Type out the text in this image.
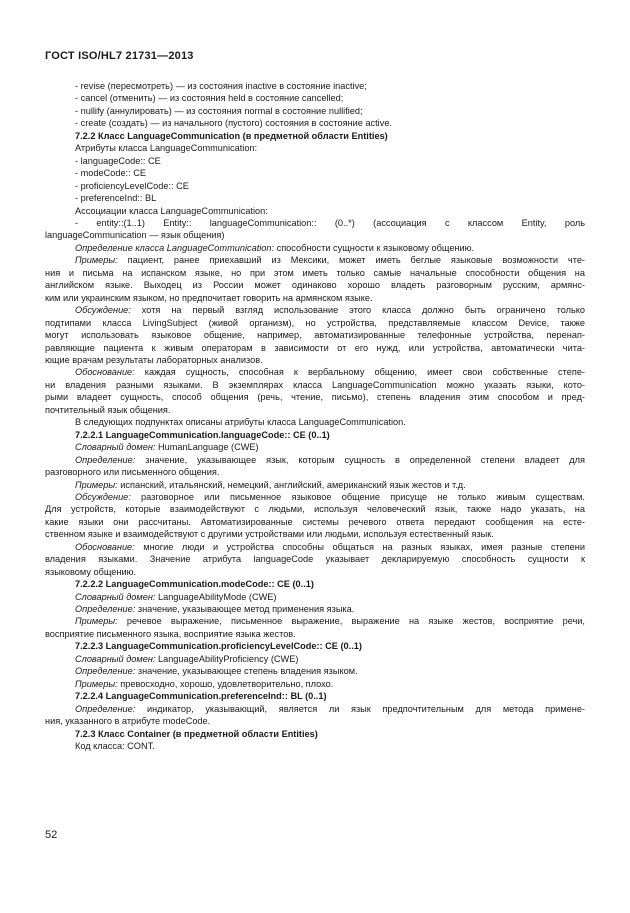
ГОСТ ISO/HL7 21731—2013

- revise (пересмотреть) — из состояния inactive в состояние inactive;

- cancel (отменить) — из состояния held в состояние cancelled;

- nullify (аннулировать) — из состояния normal в состояние nullified;

- create (создать) — из начального (пустого) состояния в состояние active.

7.2.2 Класс LanguageCommunication (в предметной области Entities)

Атрибуты класса LanguageCommunication:

- languageCode:: CE

- modeCode:: CE

- proficiencyLevelCode:: CE

- preferenceInd:: BL

Ассоциации класса LanguageCommunication:

- entity::(1..1) Entity:: languageCommunication:: (0..*) (ассоциация с классом Entity, роль

languageCommunication — язык общения)

Определение класса LanguageCommunication: способности сущности к языковому общению.

Примеры: пациент, ранее приехавший из Мексики, может иметь беглые языковые возможности чте-

ния и письма на испанском языке, но при этом иметь только самые начальные способности общения на

английском языке. Выходец из России может одинаково хорошо владеть разговорным русским, армянс-

ким или украинским языком, но предпочитает говорить на армянском языке.

Обсуждение: хотя на первый взгляд использование этого класса должно быть ограничено только

подтипами класса LivingSubject (живой организм), но устройства, представляемые классом Device, также

могут использовать языковое общение, например, автоматизированные телефонные устройства, перенап-

равляющие пациента к живым операторам в зависимости от его нужд, или устройства, автоматически чита-

ющие врачам результаты лабораторных анализов.

Обоснование: каждая сущность, способная к вербальному общению, имеет свои собственные степе-

ни владения разными языками. В экземплярах класса LanguageCommunication можно указать языки, кото-

рыми владеет сущность, способ общения (речь, чтение, письмо), степень владения этим способом и пред-

почтительный язык общения.

В следующих подпунктах описаны атрибуты класса LanguageCommunication.

7.2.2.1 LanguageCommunication.languageCode:: CE (0..1)

Словарный домен: HumanLanguage (CWE)

Определение: значение, указывающее язык, которым сущность в определенной степени владеет для

разговорного или письменного общения.

Примеры: испанский, итальянский, немецкий, английский, американский язык жестов и т.д.

Обсуждение: разговорное или письменное языковое общение присуще не только живым существам.

Для устройств, которые взаимодействуют с людьми, используя человеческий язык, также надо указать, на

какие языки они рассчитаны. Автоматизированные системы речевого ответа передают сообщения на есте-

ственном языке и взаимодействуют с другими устройствами или людьми, используя естественный язык.

Обоснование: многие люди и устройства способны общаться на разных языках, имея разные степени

владения языками. Значение атрибута languageCode указывает декларируемую способность сущности к

языковому общению.

7.2.2.2 LanguageCommunication.modeCode:: CE (0..1)

Словарный домен: LanguageAbilityMode (CWE)

Определение: значение, указывающее метод применения языка.

Примеры: речевое выражение, письменное выражение, выражение на языке жестов, восприятие речи,

восприятие письменного языка, восприятие языка жестов.

7.2.2.3 LanguageCommunication.proficiencyLevelCode:: CE (0..1)

Словарный домен: LanguageAbilityProficiency (CWE)

Определение: значение, указывающее степень владения языком.

Примеры: превосходно, хорошо, удовлетворительно, плохо.

7.2.2.4 LanguageCommunication.preferenceInd:: BL (0..1)

Определение: индикатор, указывающий, является ли язык предпочтительным для метода примене-

ния, указанного в атрибуте modeCode.

7.2.3 Класс Container (в предметной области Entities)

Код класса: CONT.

52
